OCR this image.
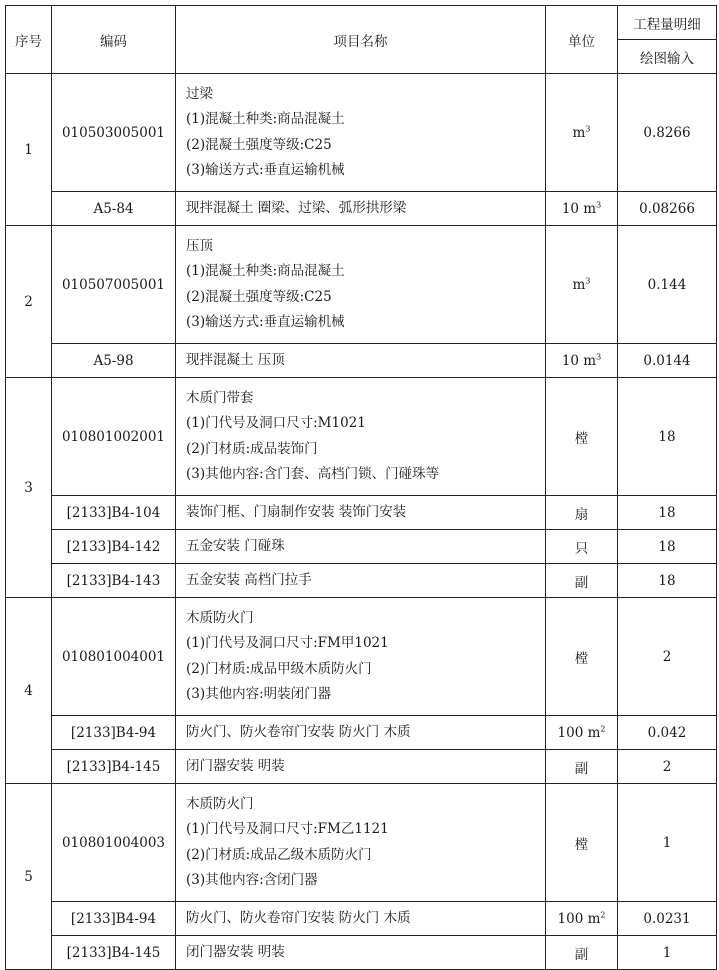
序号	编码	项目名称	单位	工程量明细
				绘图输入
1	010503005001	过梁
(1)混凝土种类:商品混凝土
(2)混凝土强度等级:C25
(3)输送方式:垂直运输机械	$m^3$	0.8266
	A5-84	现拌混凝土 圈梁、过梁、弧形拱形梁	10 $m^3$	0.08266
2	010507005001	压顶
(1)混凝土种类:商品混凝土
(2)混凝土强度等级:C25
(3)输送方式:垂直运输机械	$m^3$	0.144
	A5-98	现拌混凝土 压顶	10 $m^3$	0.0144
3	010801002001	木质门带套
(1)门代号及洞口尺寸:M1021
(2)门材质:成品装饰门
(3)其他内容:含门套、高档门锁、门碰珠等	樘	18
	[2133]B4-104	装饰门框、门扇制作安装 装饰门安装	扇	18
	[2133]B4-142	五金安装 门碰珠	只	18
	[2133]B4-143	五金安装 高档门拉手	副	18
4	010801004001	木质防火门
(1)门代号及洞口尺寸:FM甲1021
(2)门材质:成品甲级木质防火门
(3)其他内容:明装闭门器	樘	2
	[2133]B4-94	防火门、防火卷帘门安装 防火门 木质	100 $m^2$	0.042
	[2133]B4-145	闭门器安装 明装	副	2
5	010801004003	木质防火门
(1)门代号及洞口尺寸:FM乙1121
(2)门材质:成品乙级木质防火门
(3)其他内容:含闭门器	樘	1
	[2133]B4-94	防火门、防火卷帘门安装 防火门 木质	100 $m^2$	0.0231
	[2133]B4-145	闭门器安装 明装	副	1
